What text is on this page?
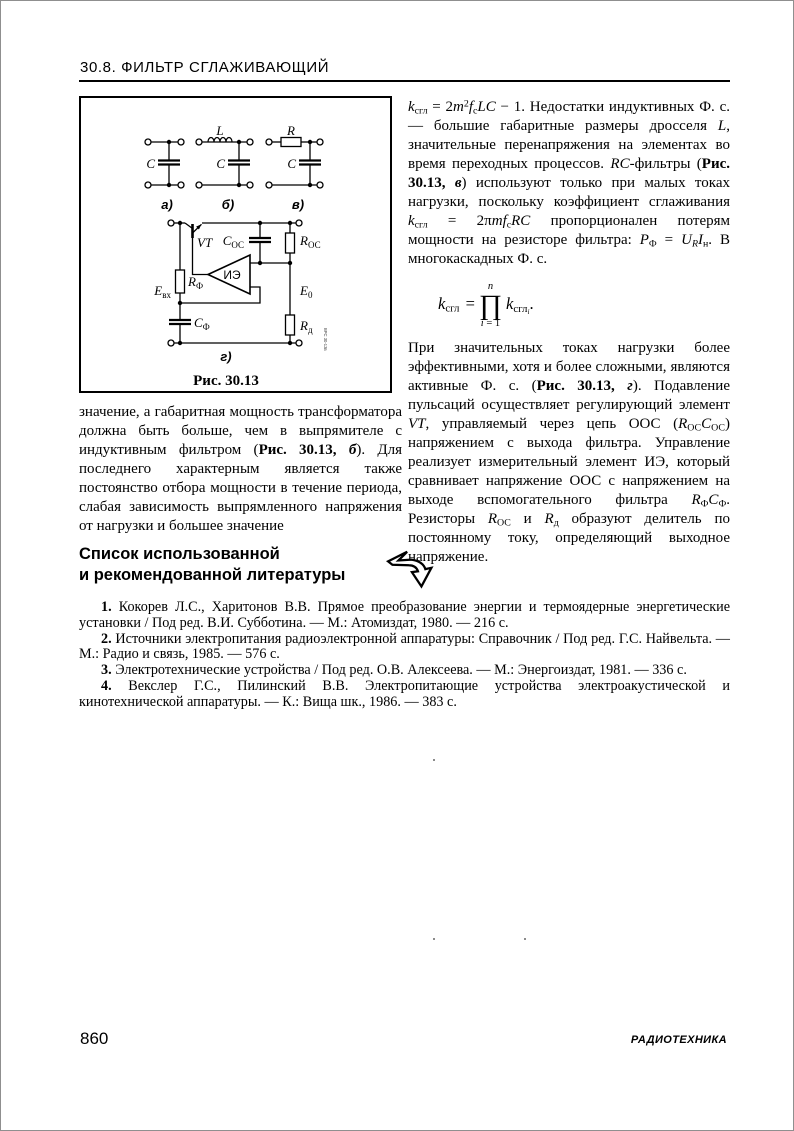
30.8. ФИЛЬТР СГЛАЖИВАЮЩИЙ
C
L
C
R
C
а)	б)	в)
VT
ИЭ
$C_{ОС}$	$R_{ОС}$
$R_Ф$
$E_{вх}$	$E_0$
$C_Ф$	$R_д$
г)
Рис. 30.13
ВРС 30-13в

значение, а габаритная мощность трансформатора должна быть больше, чем в выпрямителе с индуктивным фильтром (Рис. 30.13, б). Для последнего характерным является также постоянство отбора мощности в течение периода, слабая зависимость выпрямленного напряжения от нагрузки и большее значение

$k_{сгл} = 2m^2f_сLC - 1$. Недостатки индуктивных Ф. с. — большие габаритные размеры дросселя L, значительные перенапряжения на элементах во время переходных процессов. RC-фильтры (Рис. 30.13, в) используют только при малых токах нагрузки, поскольку коэффициент сглаживания $k_{сгл} = 2\pi mf_сRC$ пропорционален потерям мощности на резисторе фильтра: $P_Ф = U_RI_н$. В многокаскадных Ф. с.

$k_{сгл}$ =
n
∏
i = 1
$k_{сгл_i}$.

При значительных токах нагрузки более эффективными, хотя и более сложными, являются активные Ф. с. (Рис. 30.13, г). Подавление пульсаций осуществляет регулирующий элемент VT, управляемый через цепь ООС $(R_{ОС}C_{ОС})$ напряжением с выхода фильтра. Управление реализует измерительный элемент ИЭ, который сравнивает напряжение ООС с напряжением на выходе вспомогательного фильтра $R_ФC_Ф$. Резисторы $R_{ОС}$ и $R_д$ образуют делитель по постоянному току, определяющий выходное напряжение.

Список использованной
и рекомендованной литературы

1. Кокорев Л.С., Харитонов В.В. Прямое преобразование энергии и термоядерные энергетические установки / Под ред. В.И. Субботина. — М.: Атомиздат, 1980. — 216 с.

2. Источники электропитания радиоэлектронной аппаратуры: Справочник / Под ред. Г.С. Найвельта. — М.: Радио и связь, 1985. — 576 с.

3. Электротехнические устройства / Под ред. О.В. Алексеева. — М.: Энергоиздат, 1981. — 336 с.

4. Векслер Г.С., Пилинский В.В. Электропитающие устройства электроакустической и кинотехнической аппаратуры. — К.: Вища шк., 1986. — 383 с.

860	РАДИОТЕХНИКА
